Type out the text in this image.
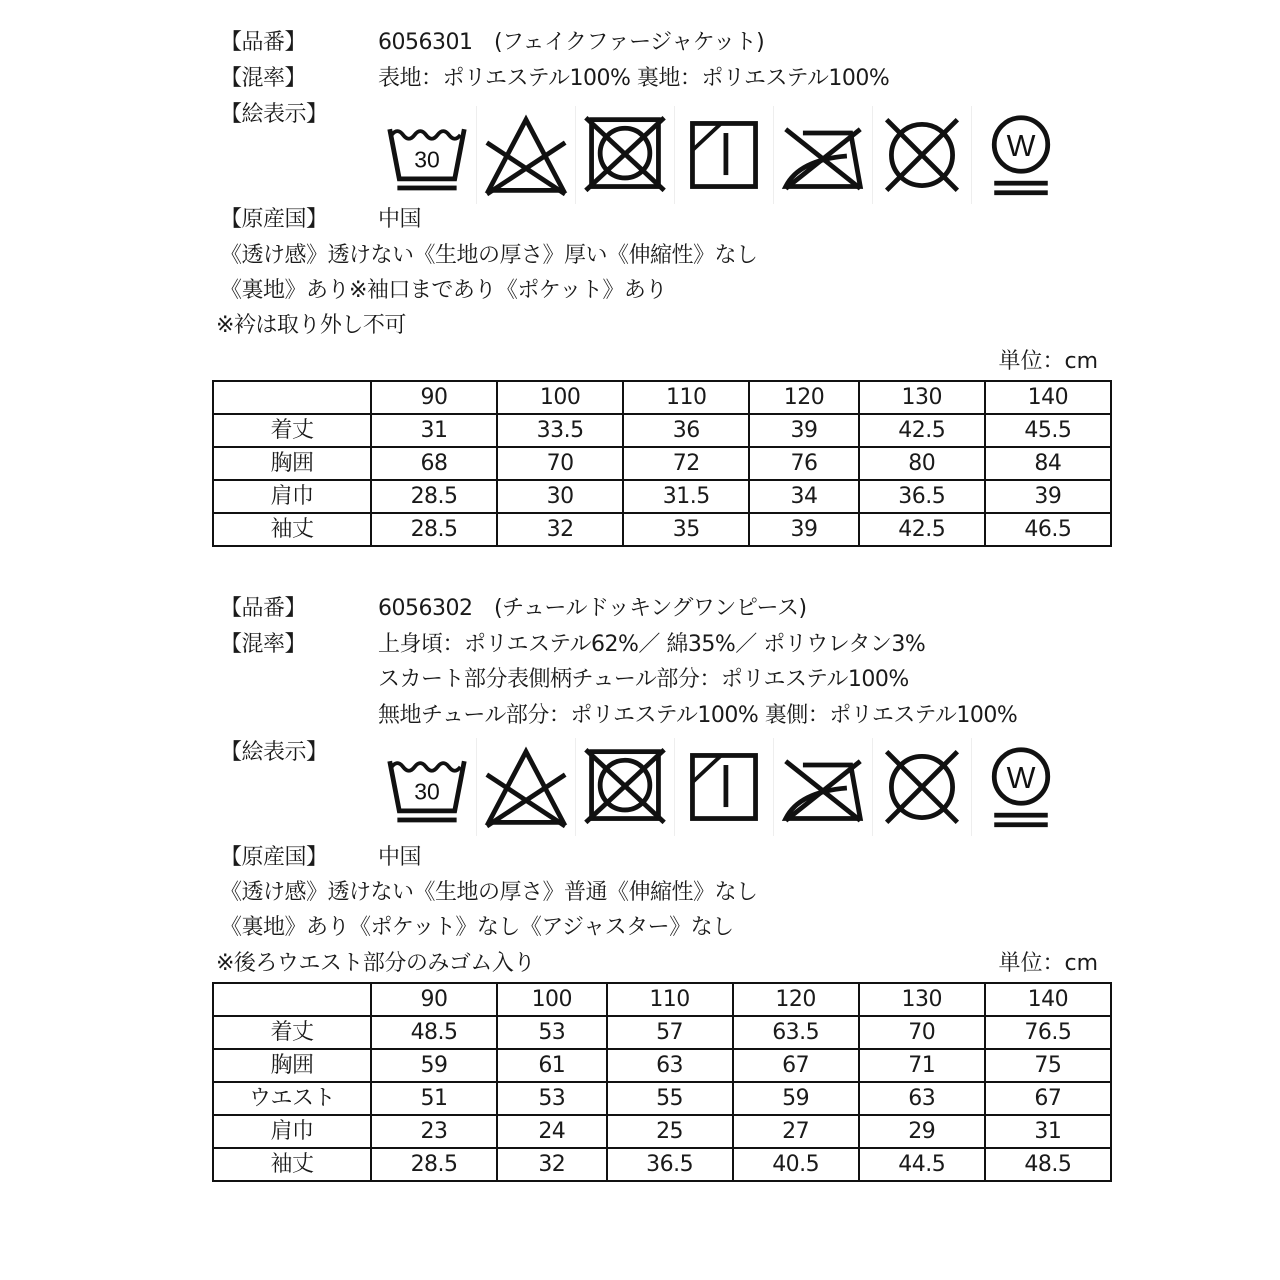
【品番】	6056301　(フェイクファージャケット)
【混率】	表地：ポリエステル100% 裏地：ポリエステル100%
【絵表示】
【原産国】 中国
《透け感》透けない《生地の厚さ》厚い《伸縮性》なし
《裏地》あり※袖口まであり《ポケット》あり
※衿は取り外し不可
単位：cm
	90	100	110	120	130	140
着丈	31	33.5	36	39	42.5	45.5
胸囲	68	70	72	76	80	84
肩巾	28.5	30	31.5	34	36.5	39
袖丈	28.5	32	35	39	42.5	46.5
【品番】	6056302　(チュールドッキングワンピース)
【混率】	上身頃：ポリエステル62%／ 綿35%／ ポリウレタン3%
スカート部分表側柄チュール部分：ポリエステル100%
無地チュール部分：ポリエステル100% 裏側：ポリエステル100%
【絵表示】
【原産国】 中国
《透け感》透けない《生地の厚さ》普通《伸縮性》なし
《裏地》あり《ポケット》なし《アジャスター》なし
※後ろウエスト部分のみゴム入り	単位：cm
	90	100	110	120	130	140
着丈	48.5	53	57	63.5	70	76.5
胸囲	59	61	63	67	71	75
ウエスト	51	53	55	59	63	67
肩巾	23	24	25	27	29	31
袖丈	28.5	32	36.5	40.5	44.5	48.5
